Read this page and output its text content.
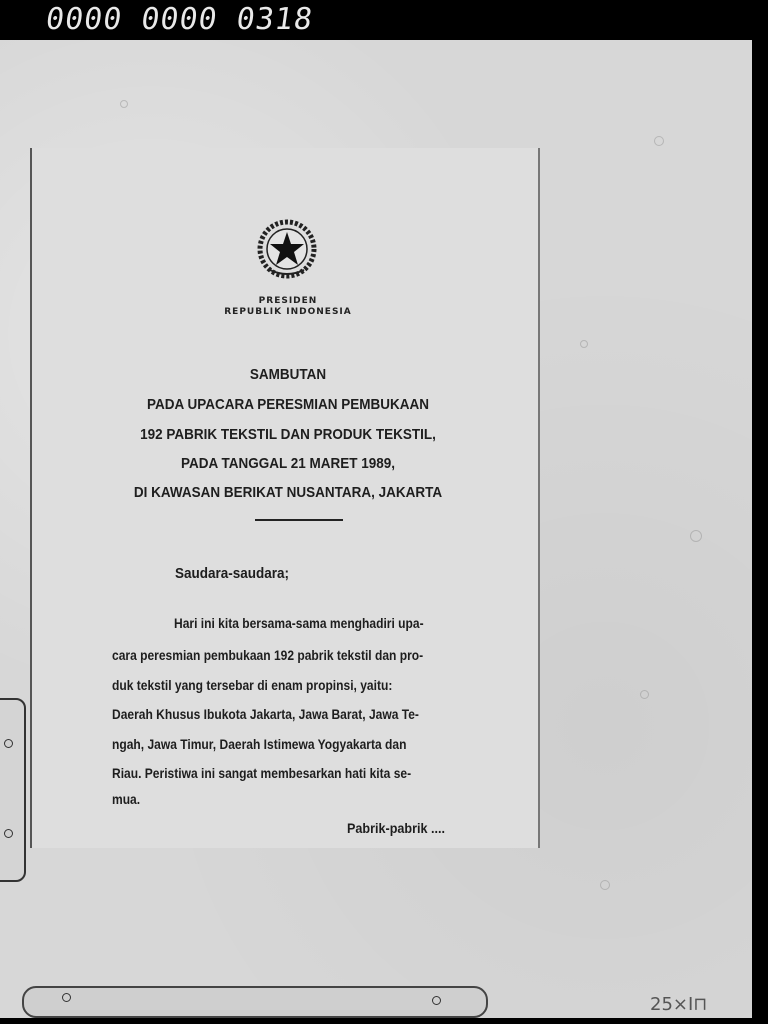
0000 0000 0318
PRESIDEN
REPUBLIK INDONESIA
SAMBUTAN
PADA UPACARA PERESMIAN PEMBUKAAN
192 PABRIK TEKSTIL DAN PRODUK TEKSTIL,
PADA TANGGAL 21 MARET 1989,
DI KAWASAN BERIKAT NUSANTARA, JAKARTA
Saudara-saudara;
Hari ini kita bersama-sama menghadiri upa-
cara peresmian pembukaan 192 pabrik tekstil dan pro-
duk tekstil yang tersebar di enam propinsi, yaitu:
Daerah Khusus Ibukota Jakarta, Jawa Barat, Jawa Te-
ngah, Jawa Timur, Daerah Istimewa Yogyakarta dan
Riau. Peristiwa ini sangat membesarkan hati kita se-
mua.
Pabrik-pabrik ....
25×I⊓
